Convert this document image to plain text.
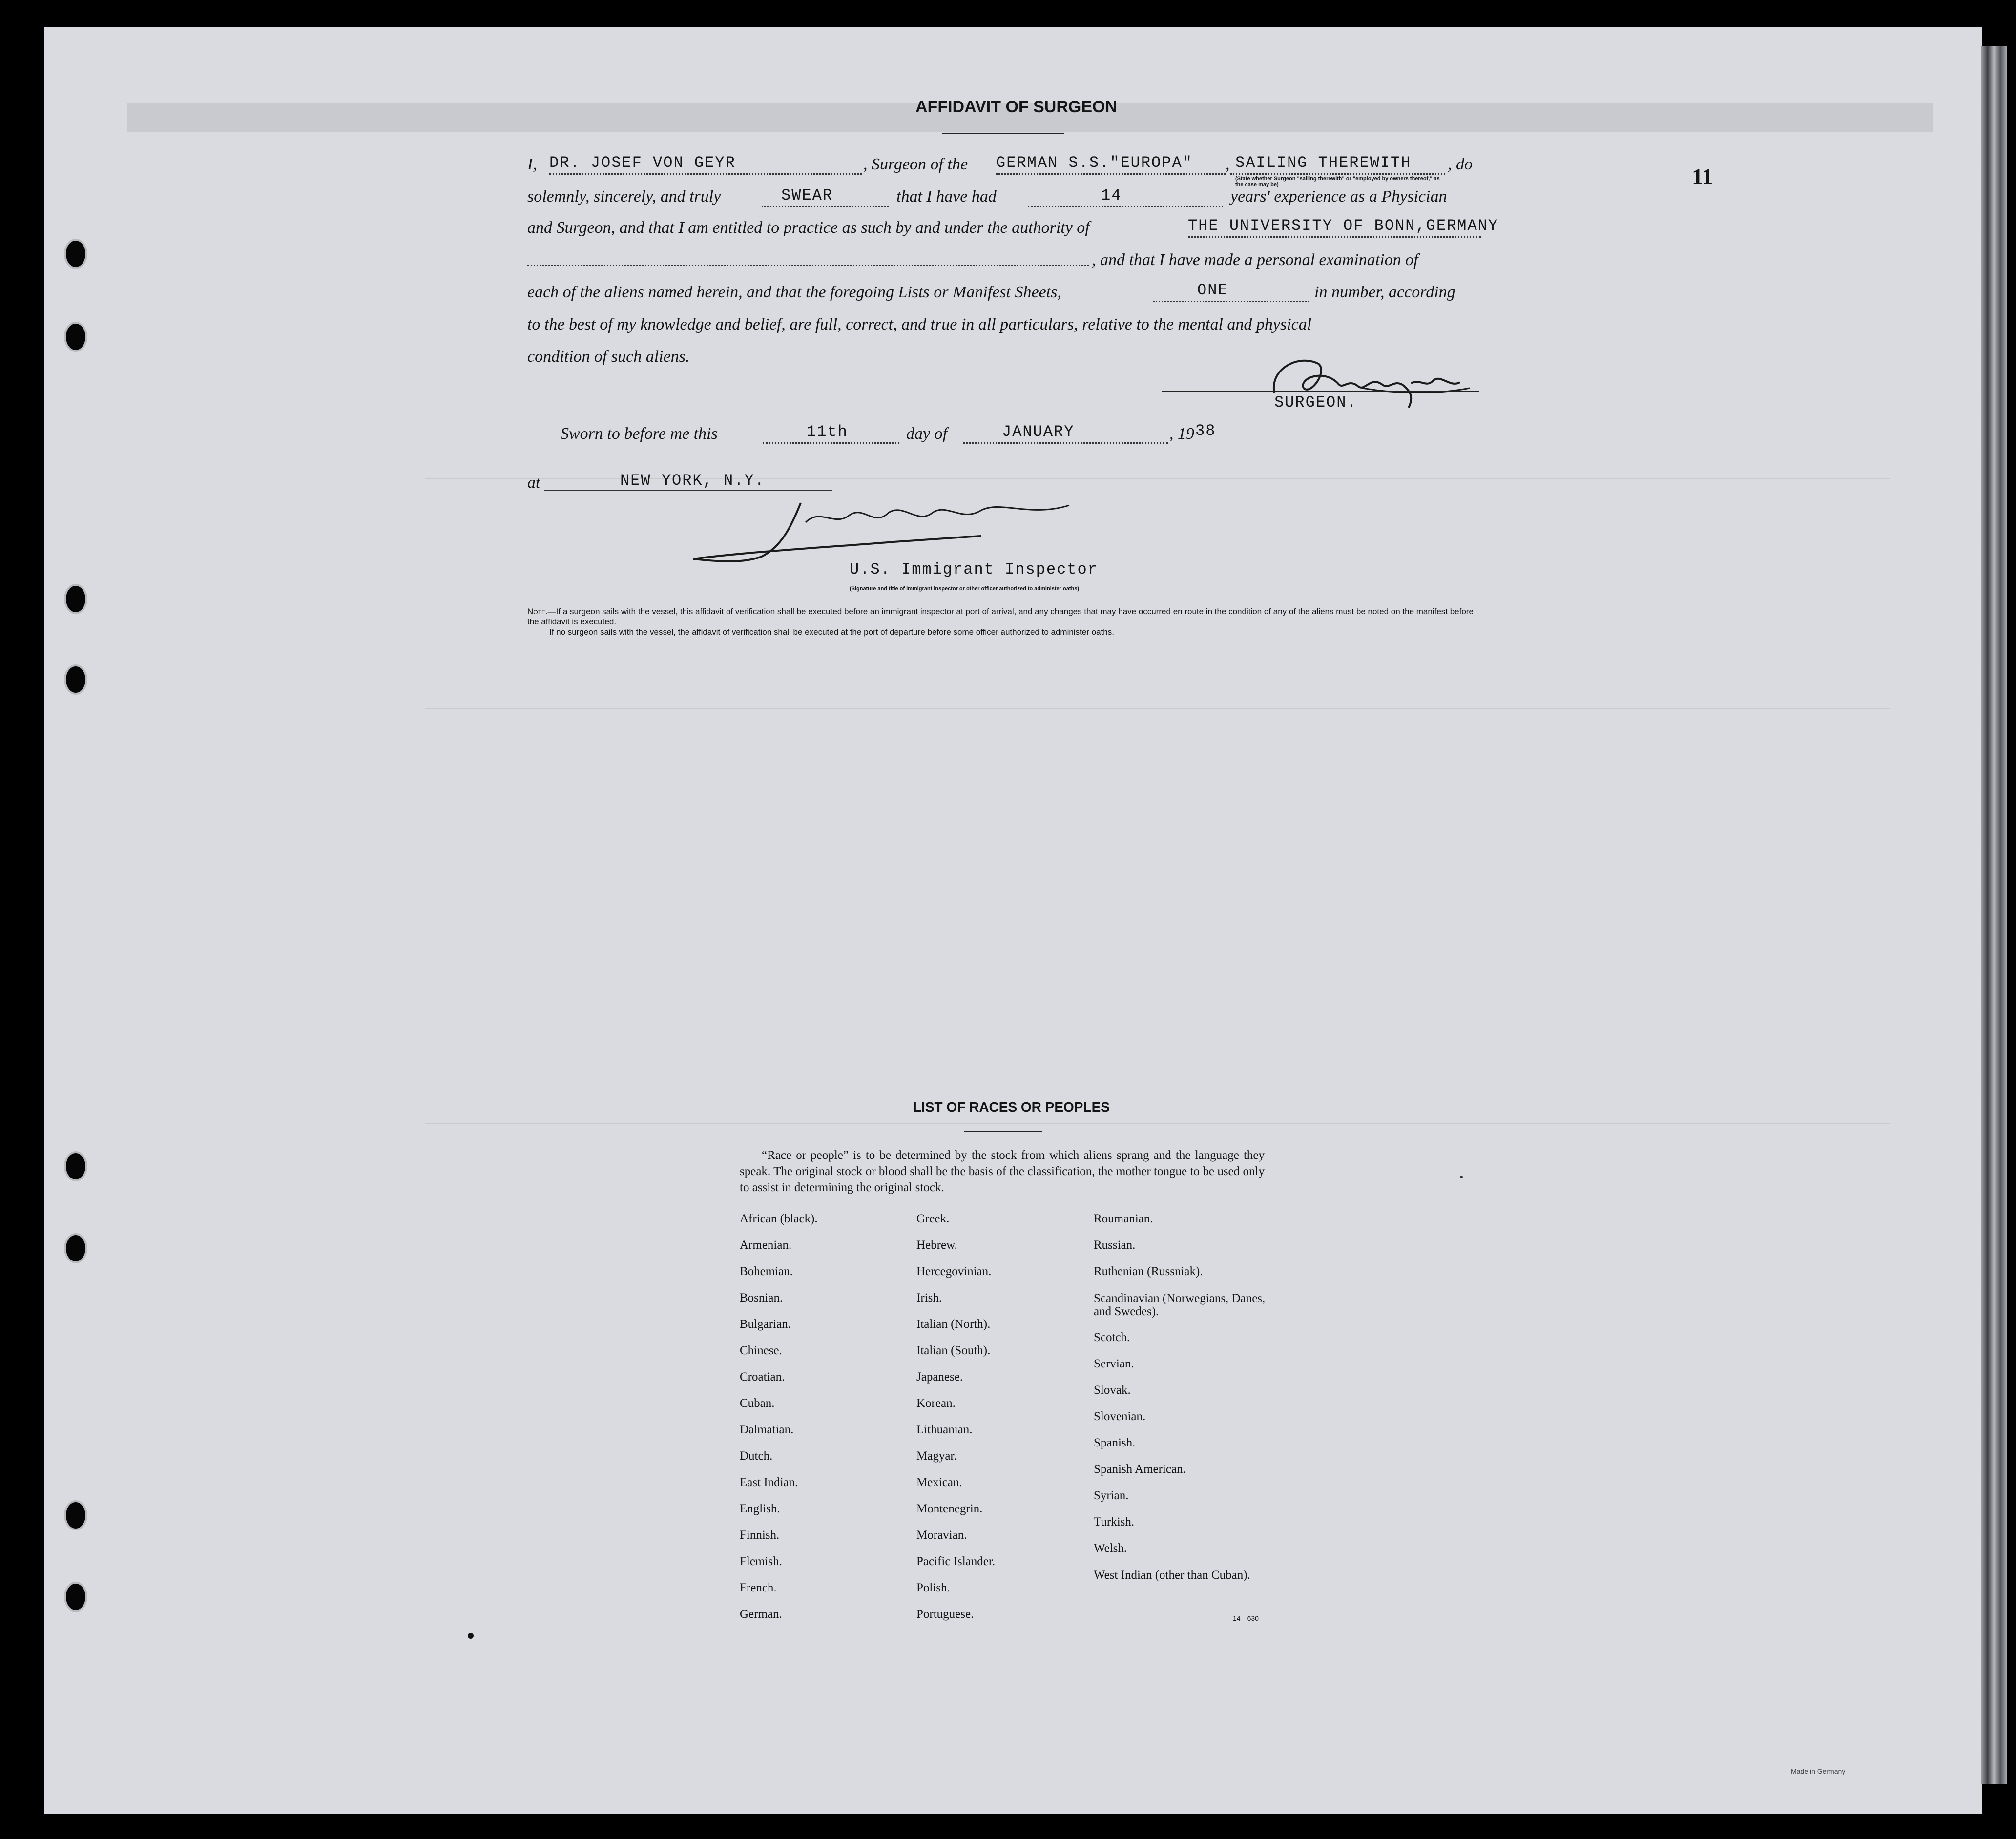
11
AFFIDAVIT OF SURGEON
I, DR. JOSEF VON GEYR	, Surgeon of the GERMAN S.S."EUROPA"	, SAILING THEREWITH
(State whether Surgeon "sailing therewith" or "employed by owners thereof," as the case may be)
, do
solemnly, sincerely, and truly	SWEAR	that I have had	14	years' experience as a Physician
and Surgeon, and that I am entitled to practice as such by and under the authority of	THE UNIVERSITY OF BONN,GERMANY
, and that I have made a personal examination of
each of the aliens named herein, and that the foregoing Lists or Manifest Sheets,	ONE	in number, according
to the best of my knowledge and belief, are full, correct, and true in all particulars, relative to the mental and physical
condition of such aliens.
SURGEON.
Sworn to before me this	11th	day of	JANUARY	, 19 38
at	NEW YORK, N.Y.
U.S. Immigrant Inspector
(Signature and title of immigrant inspector or other officer authorized to administer oaths)
Note.—If a surgeon sails with the vessel, this affidavit of verification shall be executed before an immigrant inspector at port of arrival, and any changes that may have occurred en route in the condition of any of the aliens must be noted on the manifest before the affidavit is executed.
If no surgeon sails with the vessel, the affidavit of verification shall be executed at the port of departure before some officer authorized to administer oaths.
LIST OF RACES OR PEOPLES
“Race or people” is to be determined by the stock from which aliens sprang and the language they speak. The original stock or blood shall be the basis of the classification, the mother tongue to be used only to assist in determining the original stock.
African (black).
Armenian.
Bohemian.
Bosnian.
Bulgarian.
Chinese.
Croatian.
Cuban.
Dalmatian.
Dutch.
East Indian.
English.
Finnish.
Flemish.
French.
German.
Greek.
Hebrew.
Hercegovinian.
Irish.
Italian (North).
Italian (South).
Japanese.
Korean.
Lithuanian.
Magyar.
Mexican.
Montenegrin.
Moravian.
Pacific Islander.
Polish.
Portuguese.
Roumanian.
Russian.
Ruthenian (Russniak).
Scandinavian (Norwegians, Danes, and Swedes).
Scotch.
Servian.
Slovak.
Slovenian.
Spanish.
Spanish American.
Syrian.
Turkish.
Welsh.
West Indian (other than Cuban).
14—630
Made in Germany
